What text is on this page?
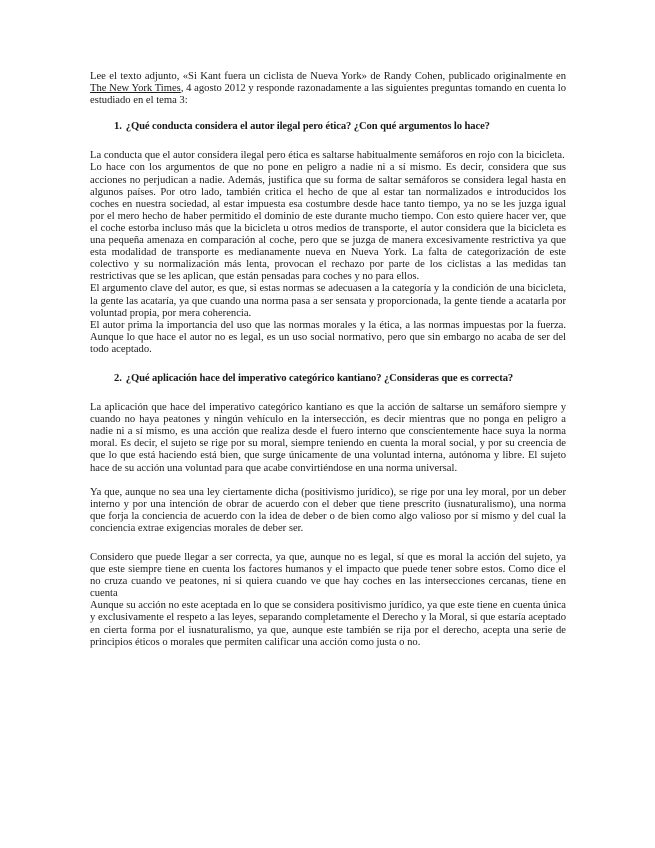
Lee el texto adjunto, «Si Kant fuera un ciclista de Nueva York» de Randy Cohen, publicado originalmente en The New York Times, 4 agosto 2012 y responde razonadamente a las siguientes preguntas tomando en cuenta lo estudiado en el tema 3:

1. ¿Qué conducta considera el autor ilegal pero ética? ¿Con qué argumentos lo hace?

La conducta que el autor considera ilegal pero ética es saltarse habitualmente semáforos en rojo con la bicicleta.

Lo hace con los argumentos de que no pone en peligro a nadie ni a sí mismo. Es decir, considera que sus acciones no perjudican a nadie. Además, justifica que su forma de saltar semáforos se considera legal hasta en algunos países. Por otro lado, también critica el hecho de que al estar tan normalizados e introducidos los coches en nuestra sociedad, al estar impuesta esa costumbre desde hace tanto tiempo, ya no se les juzga igual por el mero hecho de haber permitido el dominio de este durante mucho tiempo. Con esto quiere hacer ver, que el coche estorba incluso más que la bicicleta u otros medios de transporte, el autor considera que la bicicleta es una pequeña amenaza en comparación al coche, pero que se juzga de manera excesivamente restrictiva ya que esta modalidad de transporte es medianamente nueva en Nueva York. La falta de categorización de este colectivo y su normalización más lenta, provocan el rechazo por parte de los ciclistas a las medidas tan restrictivas que se les aplican, que están pensadas para coches y no para ellos.

El argumento clave del autor, es que, si estas normas se adecuasen a la categoría y la condición de una bicicleta, la gente las acataría, ya que cuando una norma pasa a ser sensata y proporcionada, la gente tiende a acatarla por voluntad propia, por mera coherencia.

El autor prima la importancia del uso que las normas morales y la ética, a las normas impuestas por la fuerza. Aunque lo que hace el autor no es legal, es un uso social normativo, pero que sin embargo no acaba de ser del todo aceptado.

2. ¿Qué aplicación hace del imperativo categórico kantiano? ¿Consideras que es correcta?

La aplicación que hace del imperativo categórico kantiano es que la acción de saltarse un semáforo siempre y cuando no haya peatones y ningún vehículo en la intersección, es decir mientras que no ponga en peligro a nadie ni a sí mismo, es una acción que realiza desde el fuero interno que conscientemente hace suya la norma moral. Es decir, el sujeto se rige por su moral, siempre teniendo en cuenta la moral social, y por su creencia de que lo que está haciendo está bien, que surge únicamente de una voluntad interna, autónoma y libre. El sujeto hace de su acción una voluntad para que acabe convirtiéndose en una norma universal.

Ya que, aunque no sea una ley ciertamente dicha (positivismo jurídico), se rige por una ley moral, por un deber interno y por una intención de obrar de acuerdo con el deber que tiene prescrito (iusnaturalismo), una norma que forja la conciencia de acuerdo con la idea de deber o de bien como algo valioso por sí mismo y del cual la conciencia extrae exigencias morales de deber ser.

Considero que puede llegar a ser correcta, ya que, aunque no es legal, sí que es moral la acción del sujeto, ya que este siempre tiene en cuenta los factores humanos y el impacto que puede tener sobre estos. Como dice el no cruza cuando ve peatones, ni si quiera cuando ve que hay coches en las intersecciones cercanas, tiene en cuenta

Aunque su acción no este aceptada en lo que se considera positivismo jurídico, ya que este tiene en cuenta única y exclusivamente el respeto a las leyes, separando completamente el Derecho y la Moral, si que estaría aceptado en cierta forma por el iusnaturalismo, ya que, aunque este también se rija por el derecho, acepta una serie de principios éticos o morales que permiten calificar una acción como justa o no.
